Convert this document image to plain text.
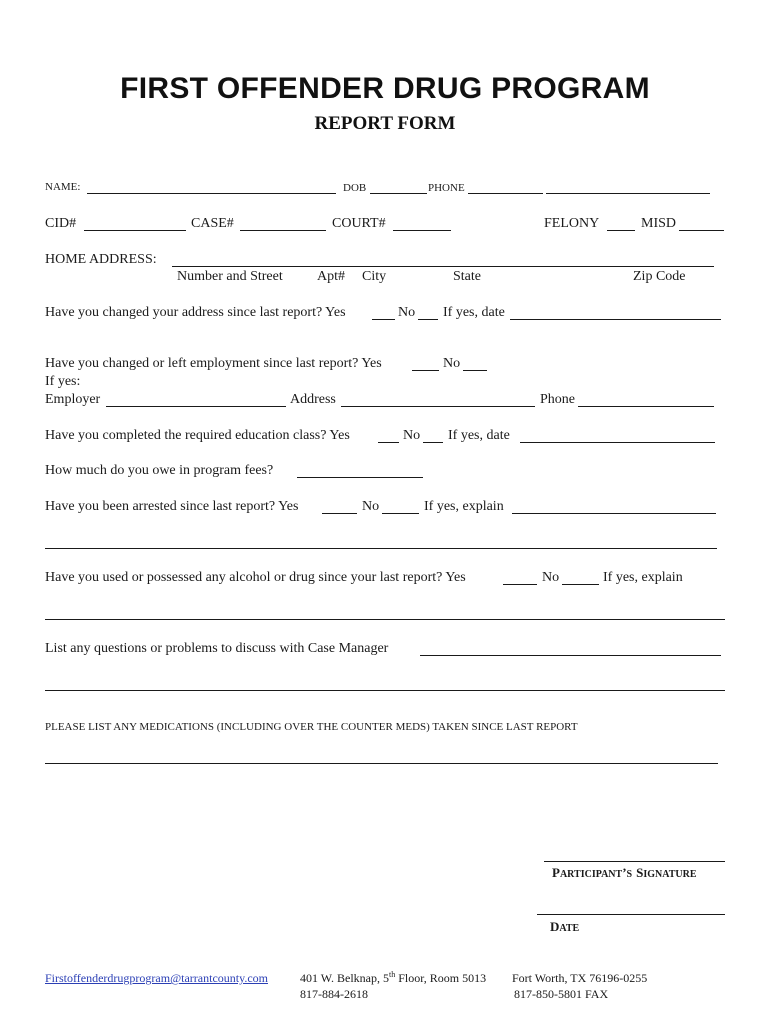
FIRST OFFENDER DRUG PROGRAM
REPORT FORM
NAME:	DOB	PHONE
CID#	CASE#	COURT#	FELONY	MISD
HOME ADDRESS:
Number and Street Apt# City	State	Zip Code
Have you changed your address since last report? Yes	No If yes, date
Have you changed or left employment since last report? Yes	No
If yes:
Employer	Address	Phone
Have you completed the required education class? Yes	No If yes, date
How much do you owe in program fees?
Have you been arrested since last report? Yes	No	If yes, explain
Have you used or possessed any alcohol or drug since your last report? Yes	No	If yes, explain
List any questions or problems to discuss with Case Manager
PLEASE LIST ANY MEDICATIONS (INCLUDING OVER THE COUNTER MEDS) TAKEN SINCE LAST REPORT
PARTICIPANT’S SIGNATURE
DATE
Firstoffenderdrugprogram@tarrantcounty.com	401 W. Belknap, 5th Floor, Room 5013
817-884-2618
Fort Worth, TX 76196-0255
817-850-5801 FAX
